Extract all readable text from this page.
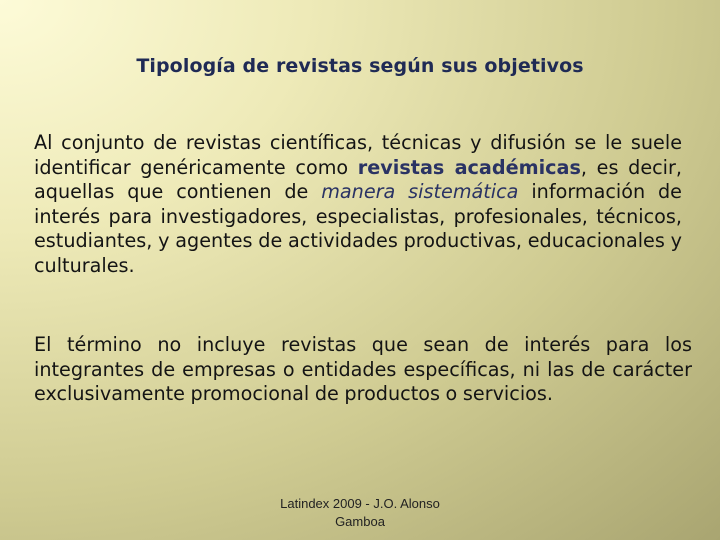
Tipología de revistas según sus objetivos
Al conjunto de revistas científicas, técnicas y difusión se le suele identificar genéricamente como revistas académicas, es decir, aquellas que contienen de manera sistemática información de interés para investigadores, especialistas, profesionales, técnicos, estudiantes, y agentes de actividades productivas, educacionales y culturales.
El término no incluye revistas que sean de interés para los integrantes de empresas o entidades específicas, ni las de carácter exclusivamente promocional de productos o servicios.
Latindex 2009 - J.O. Alonso Gamboa
